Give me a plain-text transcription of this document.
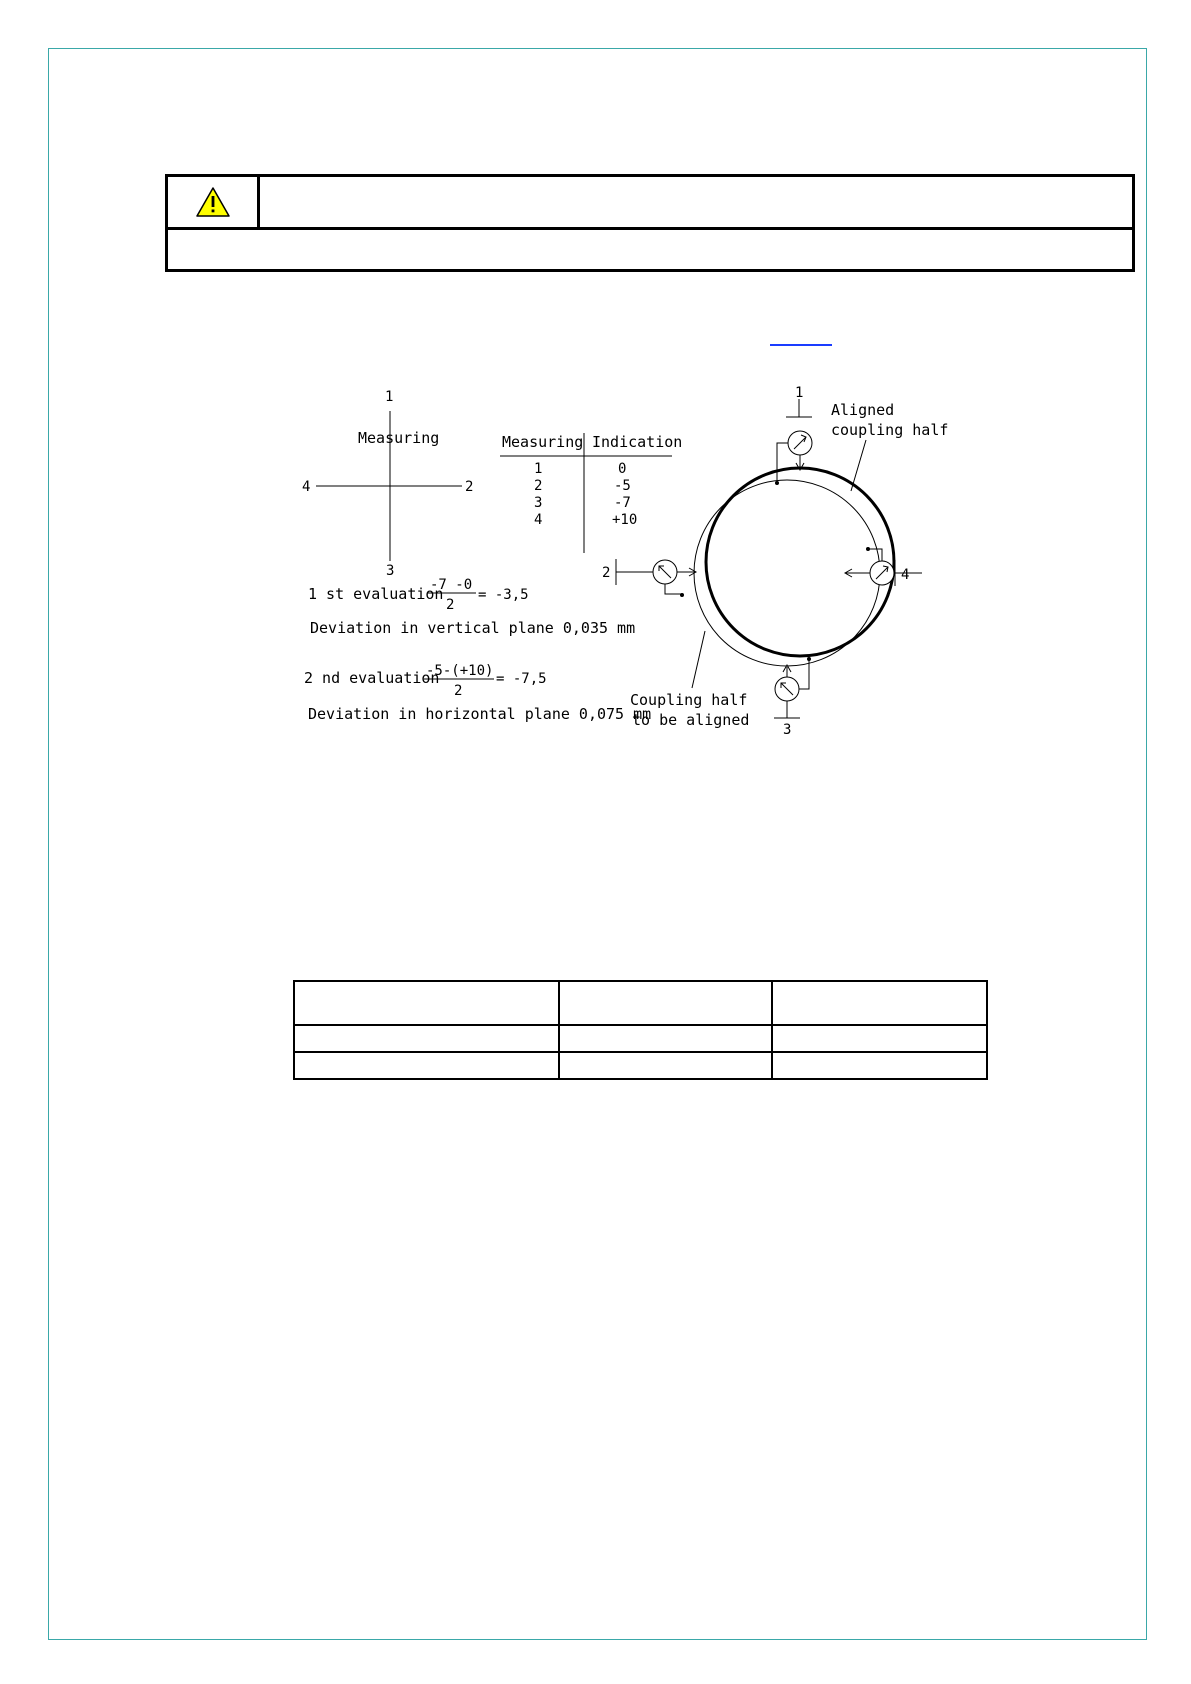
1
Measuring
2
3
4
Measuring Indication
1	0
2	-5
3	-7
4	+10
1 st evaluation
-7 -0
2
= -3,5
Deviation in vertical plane 0,035 mm
2 nd evaluation
-5-(+10)
2
= -7,5
Deviation in horizontal plane 0,075 mm
1
2
3
4
Aligned
coupling half
Coupling half
to be aligned
